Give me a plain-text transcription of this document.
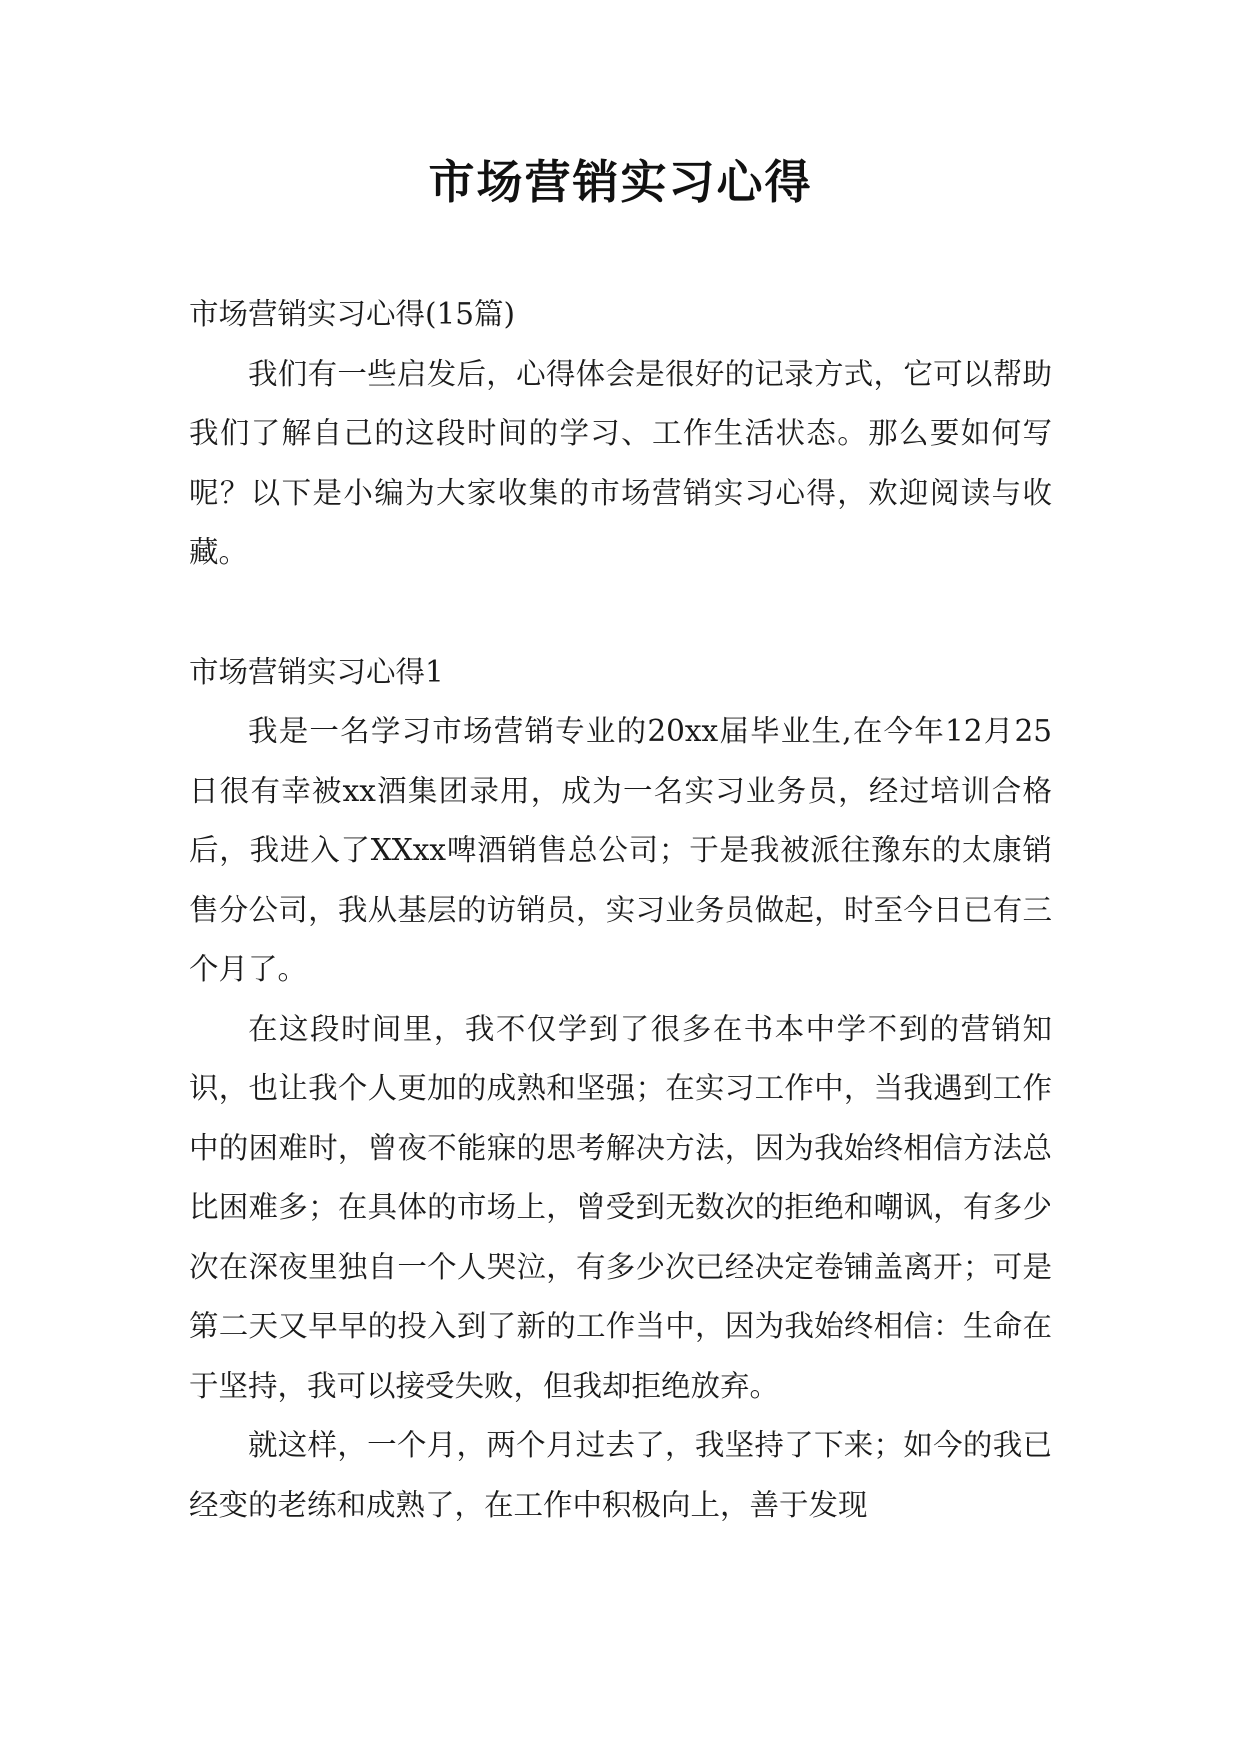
市场营销实习心得

市场营销实习心得(15篇)

我们有一些启发后，心得体会是很好的记录方式，它可以帮助我们了解自己的这段时间的学习、工作生活状态。那么要如何写呢？以下是小编为大家收集的市场营销实习心得，欢迎阅读与收藏。

市场营销实习心得1

我是一名学习市场营销专业的20xx届毕业生,在今年12月25日很有幸被xx酒集团录用，成为一名实习业务员，经过培训合格后，我进入了XXxx啤酒销售总公司；于是我被派往豫东的太康销售分公司，我从基层的访销员，实习业务员做起，时至今日已有三个月了。

在这段时间里，我不仅学到了很多在书本中学不到的营销知识，也让我个人更加的成熟和坚强；在实习工作中，当我遇到工作中的困难时，曾夜不能寐的思考解决方法，因为我始终相信方法总比困难多；在具体的市场上，曾受到无数次的拒绝和嘲讽，有多少次在深夜里独自一个人哭泣，有多少次已经决定卷铺盖离开；可是第二天又早早的投入到了新的工作当中，因为我始终相信：生命在于坚持，我可以接受失败，但我却拒绝放弃。

就这样，一个月，两个月过去了，我坚持了下来；如今的我已经变的老练和成熟了，在工作中积极向上，善于发现
